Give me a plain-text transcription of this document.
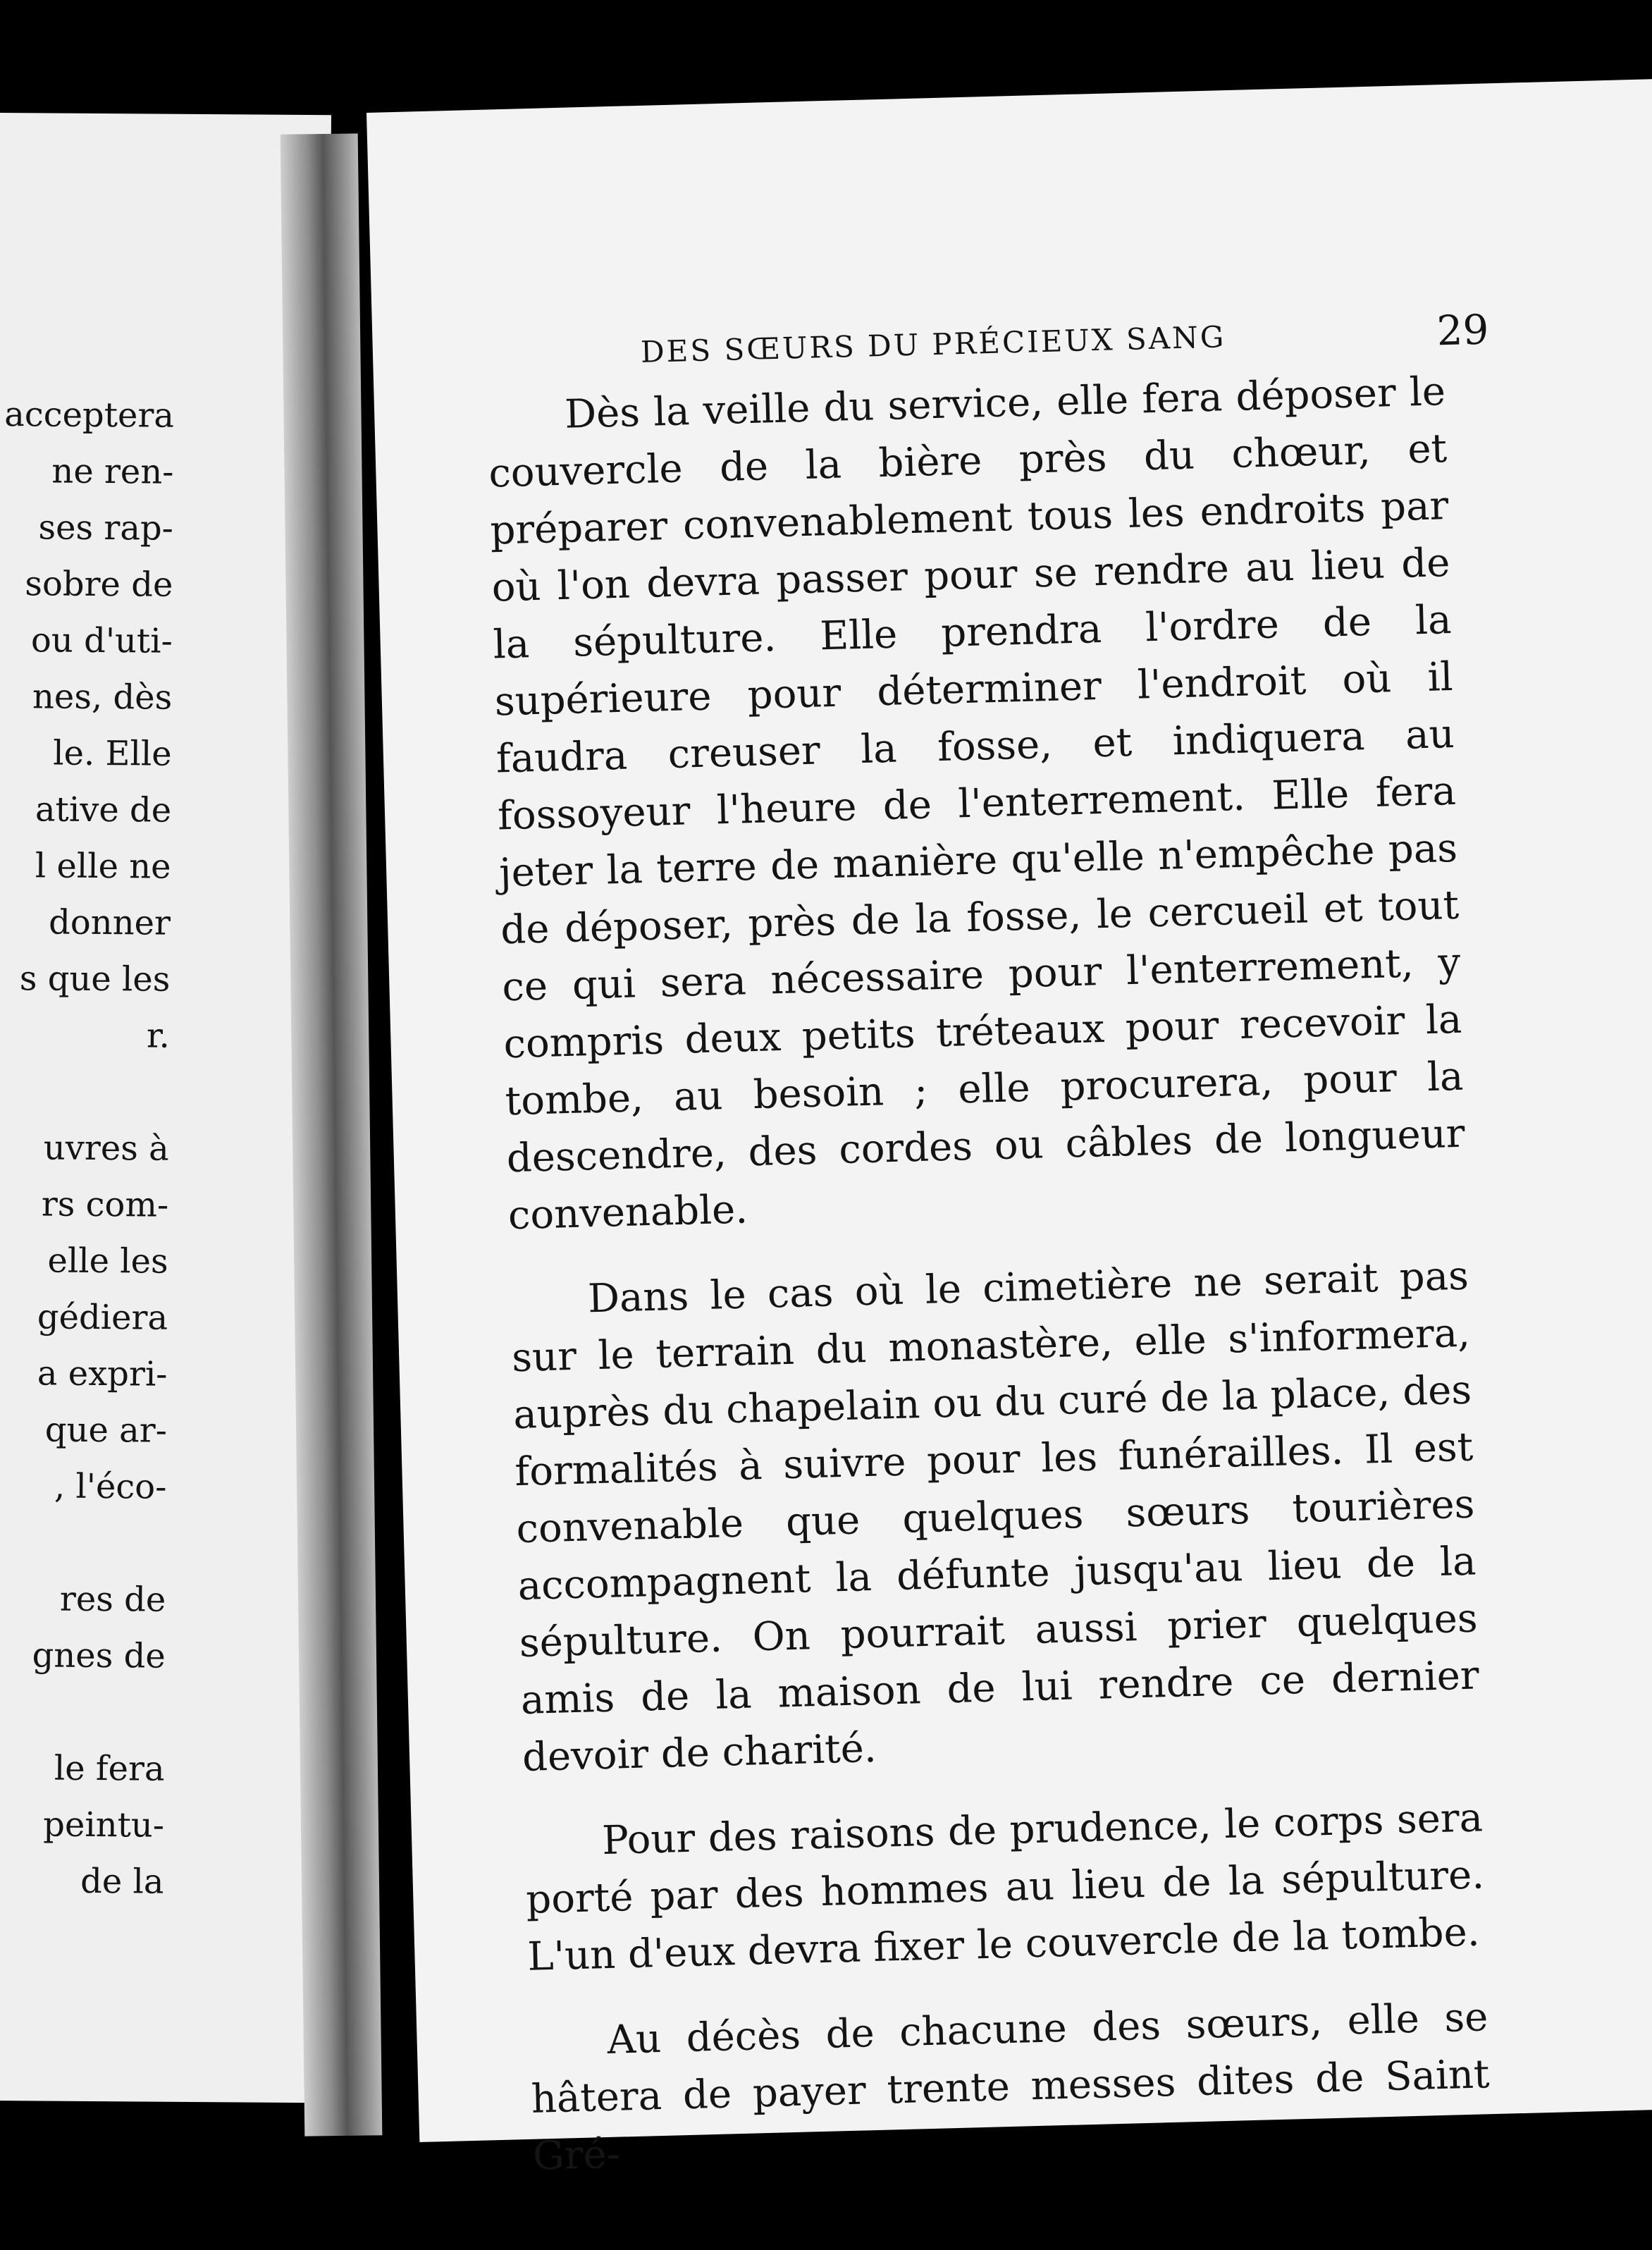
acceptera
ne ren-
ses rap-
sobre de
ou d'uti-
nes, dès
le. Elle
ative de
l elle ne
donner
s que les
r.
uvres à
rs com-
elle les
gédiera
a expri-
que ar-
, l'éco-
res de
gnes de
le fera
peintu-
de la
DES SŒURS DU PRÉCIEUX SANG	29

Dès la veille du service, elle fera déposer le couvercle de la bière près du chœur, et préparer convenablement tous les endroits par où l'on devra passer pour se rendre au lieu de la sépulture. Elle prendra l'ordre de la supérieure pour déterminer l'endroit où il faudra creuser la fosse, et indiquera au fossoyeur l'heure de l'enterrement. Elle fera jeter la terre de manière qu'elle n'empêche pas de déposer, près de la fosse, le cercueil et tout ce qui sera nécessaire pour l'enterrement, y compris deux petits tréteaux pour recevoir la tombe, au besoin ; elle procurera, pour la descendre, des cordes ou câbles de longueur convenable.

Dans le cas où le cimetière ne serait pas sur le terrain du monastère, elle s'informera, auprès du chapelain ou du curé de la place, des formalités à suivre pour les funérailles. Il est convenable que quelques sœurs tourières accompagnent la défunte jusqu'au lieu de la sépulture. On pourrait aussi prier quelques amis de la maison de lui rendre ce dernier devoir de charité.

Pour des raisons de prudence, le corps sera porté par des hommes au lieu de la sépulture. L'un d'eux devra fixer le couvercle de la tombe.

Au décès de chacune des sœurs, elle se hâtera de payer trente messes dites de Saint Gré-
